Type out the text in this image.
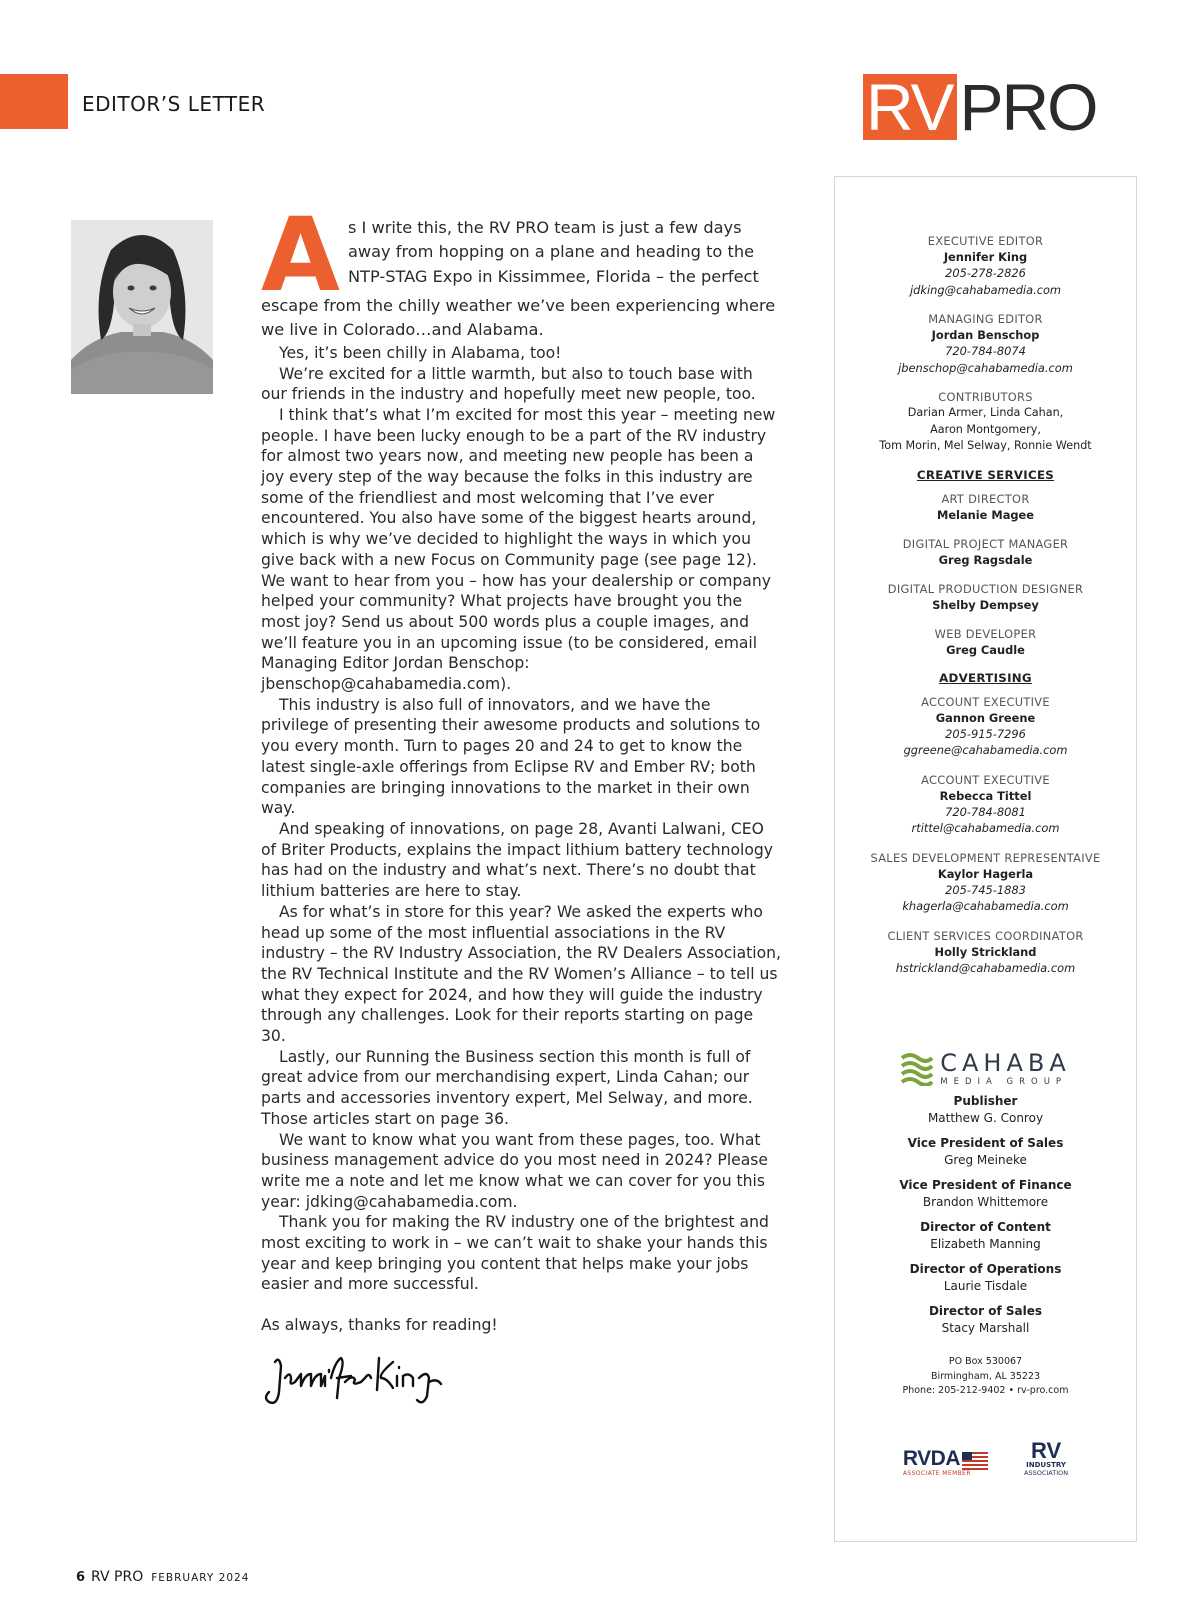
EDITOR’S LETTER	RV PRO
A s I write this, the RV PRO team is just a few days
away from hopping on a plane and heading to the
NTP-STAG Expo in Kissimmee, Florida – the perfect

escape from the chilly weather we’ve been experiencing where we live in Colorado…and Alabama.

Yes, it’s been chilly in Alabama, too!

We’re excited for a little warmth, but also to touch base with our friends in the industry and hopefully meet new people, too.

I think that’s what I’m excited for most this year – meeting new people. I have been lucky enough to be a part of the RV industry for almost two years now, and meeting new people has been a joy every step of the way because the folks in this industry are some of the friendliest and most welcoming that I’ve ever encountered. You also have some of the biggest hearts around, which is why we’ve decided to highlight the ways in which you give back with a new Focus on Community page (see page 12). We want to hear from you – how has your dealership or company helped your community? What projects have brought you the most joy? Send us about 500 words plus a couple images, and we’ll feature you in an upcoming issue (to be considered, email Managing Editor Jordan Benschop: jbenschop@cahabamedia.com).

This industry is also full of innovators, and we have the privilege of presenting their awesome products and solutions to you every month. Turn to pages 20 and 24 to get to know the latest single-axle offerings from Eclipse RV and Ember RV; both companies are bringing innovations to the market in their own way.

And speaking of innovations, on page 28, Avanti Lalwani, CEO of Briter Products, explains the impact lithium battery technology has had on the industry and what’s next. There’s no doubt that lithium batteries are here to stay.

As for what’s in store for this year? We asked the experts who head up some of the most influential associations in the RV industry – the RV Industry Association, the RV Dealers Association, the RV Technical Institute and the RV Women’s Alliance – to tell us what they expect for 2024, and how they will guide the industry through any challenges. Look for their reports starting on page 30.

Lastly, our Running the Business section this month is full of great advice from our merchandising expert, Linda Cahan; our parts and accessories inventory expert, Mel Selway, and more. Those articles start on page 36.

We want to know what you want from these pages, too. What business management advice do you most need in 2024? Please write me a note and let me know what we can cover for you this year: jdking@cahabamedia.com.

Thank you for making the RV industry one of the brightest and most exciting to work in – we can’t wait to shake your hands this year and keep bringing you content that helps make your jobs easier and more successful.

As always, thanks for reading!

EXECUTIVE EDITOR
Jennifer King
205-278-2826
jdking@cahabamedia.com
MANAGING EDITOR
Jordan Benschop
720-784-8074
jbenschop@cahabamedia.com
CONTRIBUTORS
Darian Armer, Linda Cahan,
Aaron Montgomery,
Tom Morin, Mel Selway, Ronnie Wendt
CREATIVE SERVICES
ART DIRECTOR
Melanie Magee
DIGITAL PROJECT MANAGER
Greg Ragsdale
DIGITAL PRODUCTION DESIGNER
Shelby Dempsey
WEB DEVELOPER
Greg Caudle
ADVERTISING
ACCOUNT EXECUTIVE
Gannon Greene
205-915-7296
ggreene@cahabamedia.com
ACCOUNT EXECUTIVE
Rebecca Tittel
720-784-8081
rtittel@cahabamedia.com
SALES DEVELOPMENT REPRESENTAIVE
Kaylor Hagerla
205-745-1883
khagerla@cahabamedia.com
CLIENT SERVICES COORDINATOR
Holly Strickland
hstrickland@cahabamedia.com
CAHABA
MEDIA GROUP
Publisher
Matthew G. Conroy
Vice President of Sales
Greg Meineke
Vice President of Finance
Brandon Whittemore
Director of Content
Elizabeth Manning
Director of Operations
Laurie Tisdale
Director of Sales
Stacy Marshall
PO Box 530067
Birmingham, AL 35223
Phone: 205-212-9402 • rv-pro.com
RVDA
ASSOCIATE MEMBER
RV
INDUSTRY
ASSOCIATION
6 RV PRO FEBRUARY 2024
